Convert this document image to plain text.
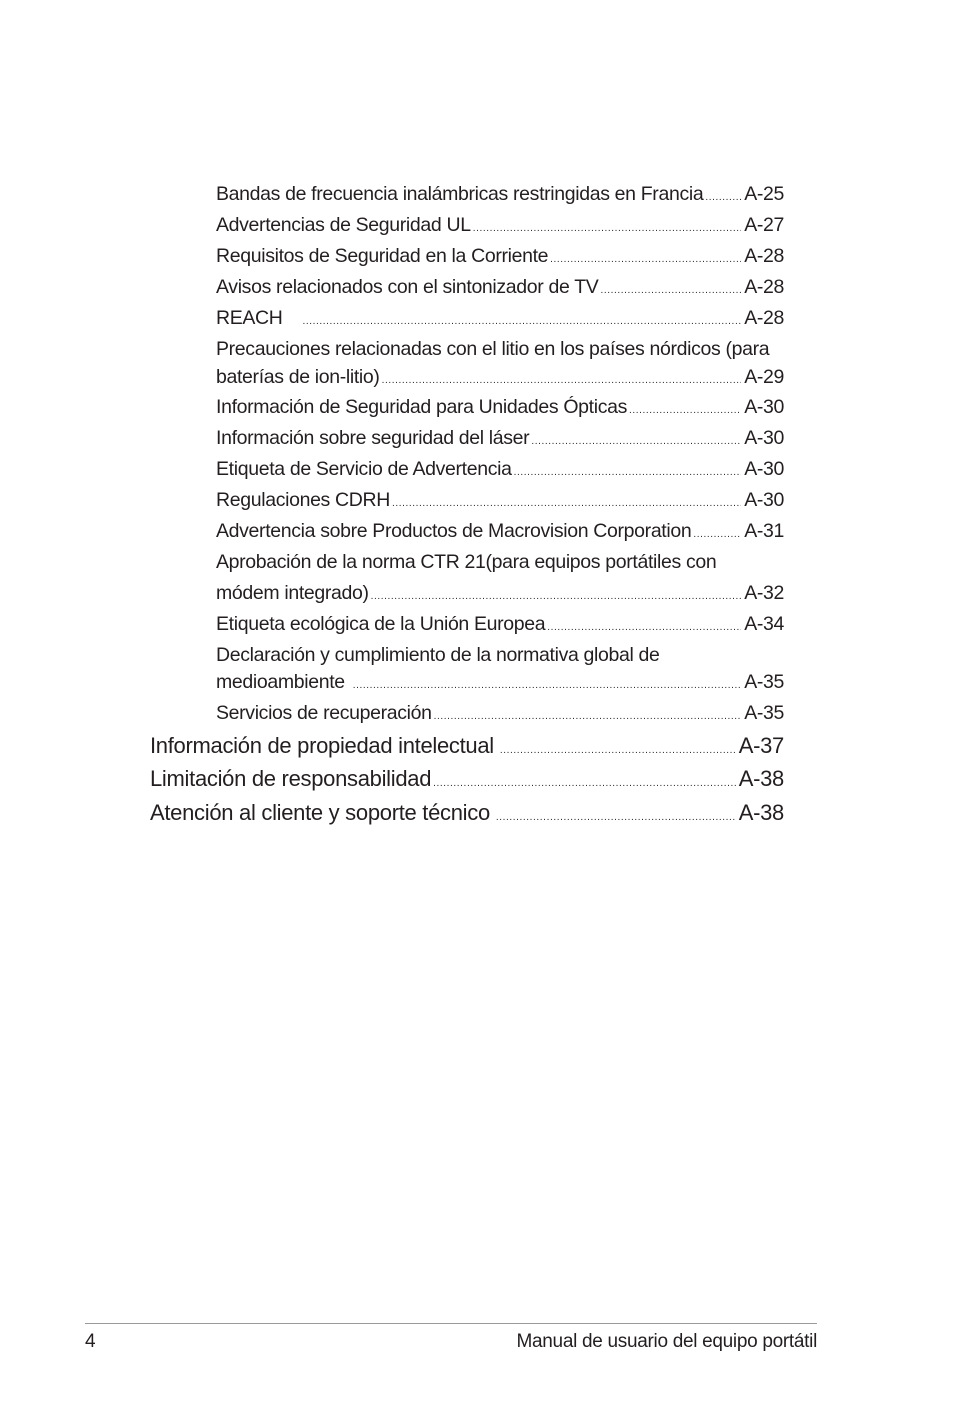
Bandas de frecuencia inalámbricas restringidas en Francia ..... A-25
Advertencias de Seguridad UL .....	A-27
Requisitos de Seguridad en la Corriente .....	A-28
Avisos relacionados con el sintonizador de TV .....	A-28
REACH .....	A-28
Precauciones relacionadas con el litio en los países nórdicos (para
baterías de ion-litio) .....	A-29
Información de Seguridad para Unidades Ópticas .....	A-30
Información sobre seguridad del láser .....	A-30
Etiqueta de Servicio de Advertencia .....	A-30
Regulaciones CDRH .....	A-30
Advertencia sobre Productos de Macrovision Corporation .....	A-31
Aprobación de la norma CTR 21(para equipos portátiles con
módem integrado) .....	A-32
Etiqueta ecológica de la Unión Europea .....	A-34
Declaración y cumplimiento de la normativa global de
medioambiente .....	A-35
Servicios de recuperación .....	A-35
Información de propiedad intelectual .....	A-37
Limitación de responsabilidad .....	A-38
Atención al cliente y soporte técnico .....	A-38
4	Manual de usuario del equipo portátil
